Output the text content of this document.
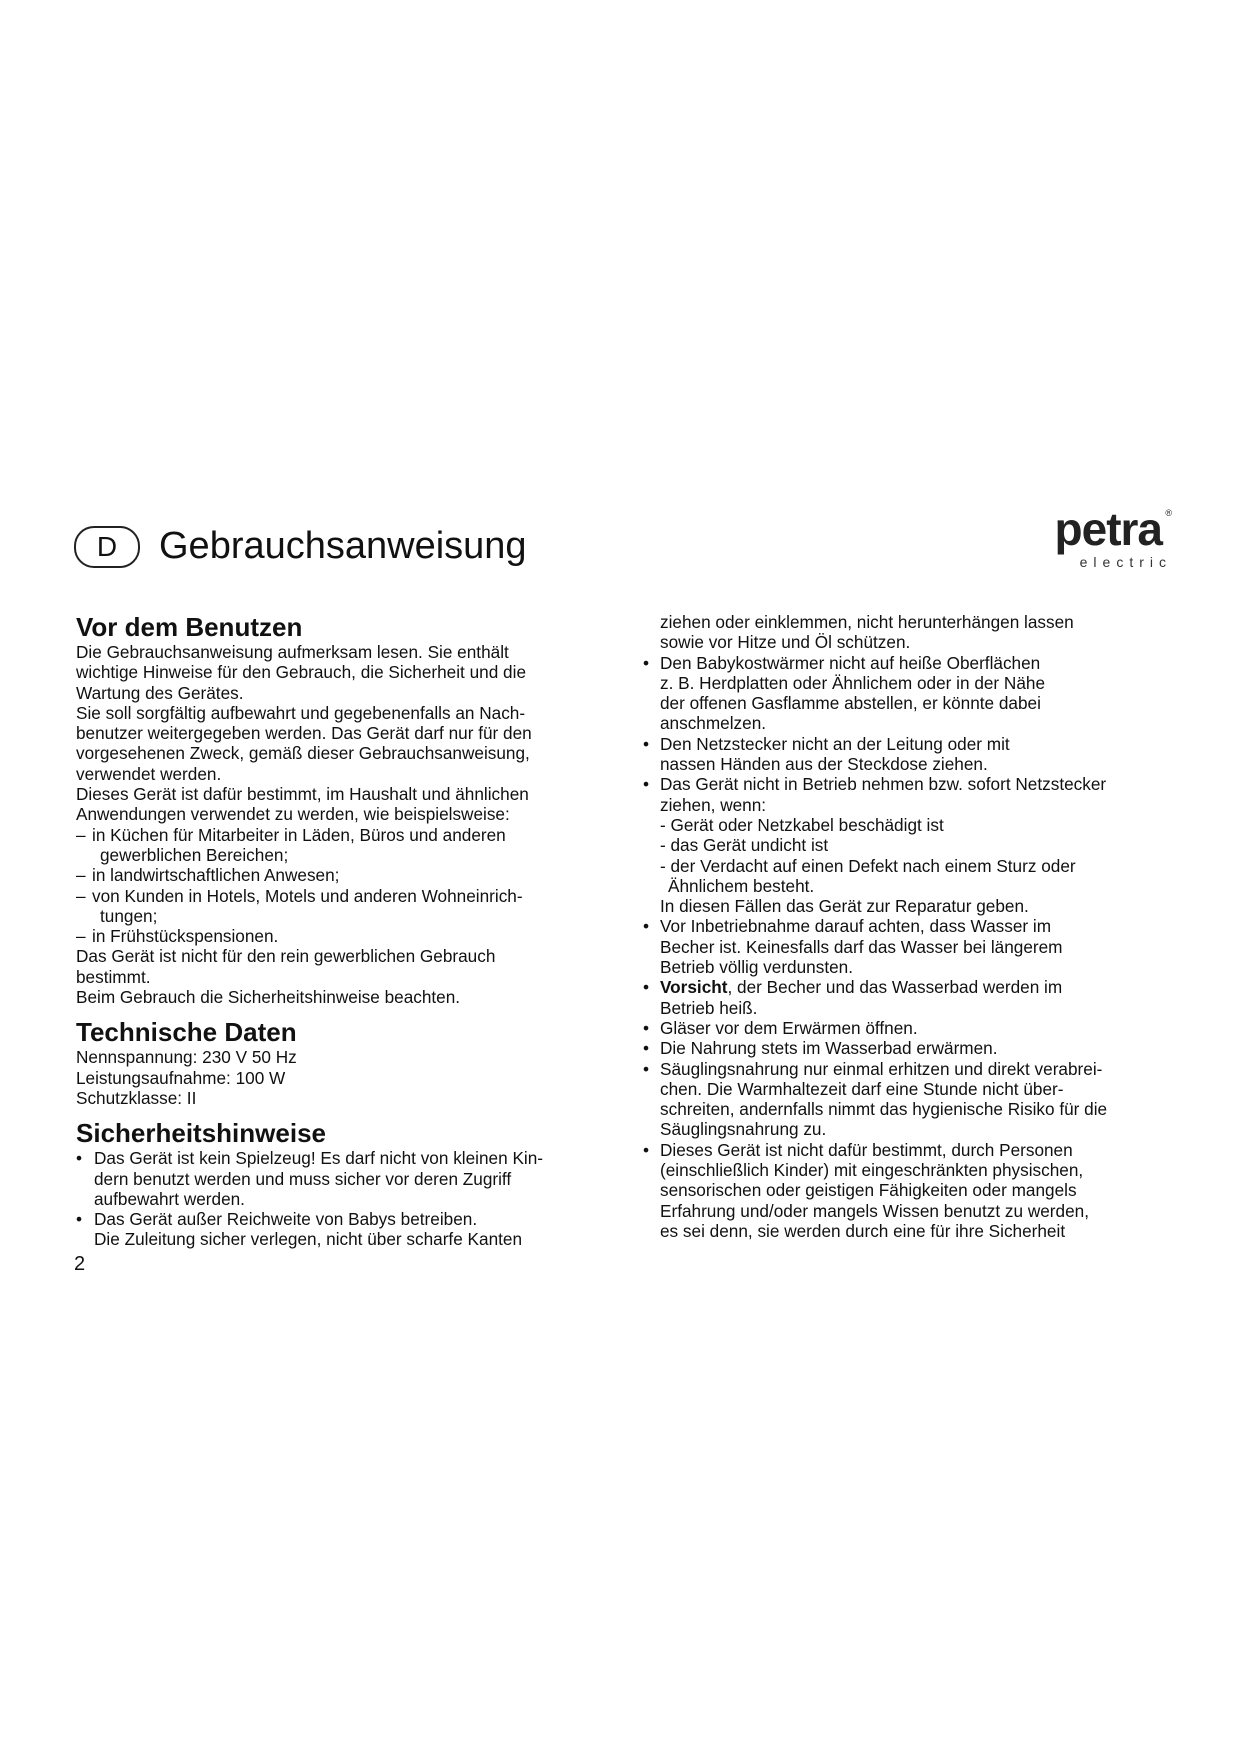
D	Gebrauchsanweisung	petra ®
electric
Vor dem Benutzen

Die Gebrauchsanweisung aufmerksam lesen. Sie enthält

wichtige Hinweise für den Gebrauch, die Sicherheit und die

Wartung des Gerätes.

Sie soll sorgfältig aufbewahrt und gegebenenfalls an Nach-

benutzer weitergegeben werden. Das Gerät darf nur für den

vorgesehenen Zweck, gemäß dieser Gebrauchsanweisung,

verwendet werden.

Dieses Gerät ist dafür bestimmt, im Haushalt und ähnlichen

Anwendungen verwendet zu werden, wie beispielsweise:

– in Küchen für Mitarbeiter in Läden, Büros und anderen
gewerblichen Bereichen;
– in landwirtschaftlichen Anwesen;
– von Kunden in Hotels, Motels und anderen Wohneinrich-
tungen;
– in Frühstückspensionen.

Das Gerät ist nicht für den rein gewerblichen Gebrauch

bestimmt.

Beim Gebrauch die Sicherheitshinweise beachten.

Technische Daten

Nennspannung: 230 V 50 Hz

Leistungsaufnahme: 100 W

Schutzklasse: II

Sicherheitshinweise
• Das Gerät ist kein Spielzeug! Es darf nicht von kleinen Kin-

dern benutzt werden und muss sicher vor deren Zugriff

aufbewahrt werden.

• Das Gerät außer Reichweite von Babys betreiben.

Die Zuleitung sicher verlegen, nicht über scharfe Kanten

2

ziehen oder einklemmen, nicht herunterhängen lassen

sowie vor Hitze und Öl schützen.

• Den Babykostwärmer nicht auf heiße Oberflächen

z. B. Herdplatten oder Ähnlichem oder in der Nähe

der offenen Gasflamme abstellen, er könnte dabei

anschmelzen.

• Den Netzstecker nicht an der Leitung oder mit

nassen Händen aus der Steckdose ziehen.

• Das Gerät nicht in Betrieb nehmen bzw. sofort Netzstecker

ziehen, wenn:

- Gerät oder Netzkabel beschädigt ist

- das Gerät undicht ist

- der Verdacht auf einen Defekt nach einem Sturz oder

Ähnlichem besteht.

In diesen Fällen das Gerät zur Reparatur geben.

• Vor Inbetriebnahme darauf achten, dass Wasser im

Becher ist. Keinesfalls darf das Wasser bei längerem

Betrieb völlig verdunsten.

• Vorsicht, der Becher und das Wasserbad werden im

Betrieb heiß.

• Gläser vor dem Erwärmen öffnen.

• Die Nahrung stets im Wasserbad erwärmen.

• Säuglingsnahrung nur einmal erhitzen und direkt verabrei-

chen. Die Warmhaltezeit darf eine Stunde nicht über-

schreiten, andernfalls nimmt das hygienische Risiko für die

Säuglingsnahrung zu.

• Dieses Gerät ist nicht dafür bestimmt, durch Personen

(einschließlich Kinder) mit eingeschränkten physischen,

sensorischen oder geistigen Fähigkeiten oder mangels

Erfahrung und/oder mangels Wissen benutzt zu werden,

es sei denn, sie werden durch eine für ihre Sicherheit
